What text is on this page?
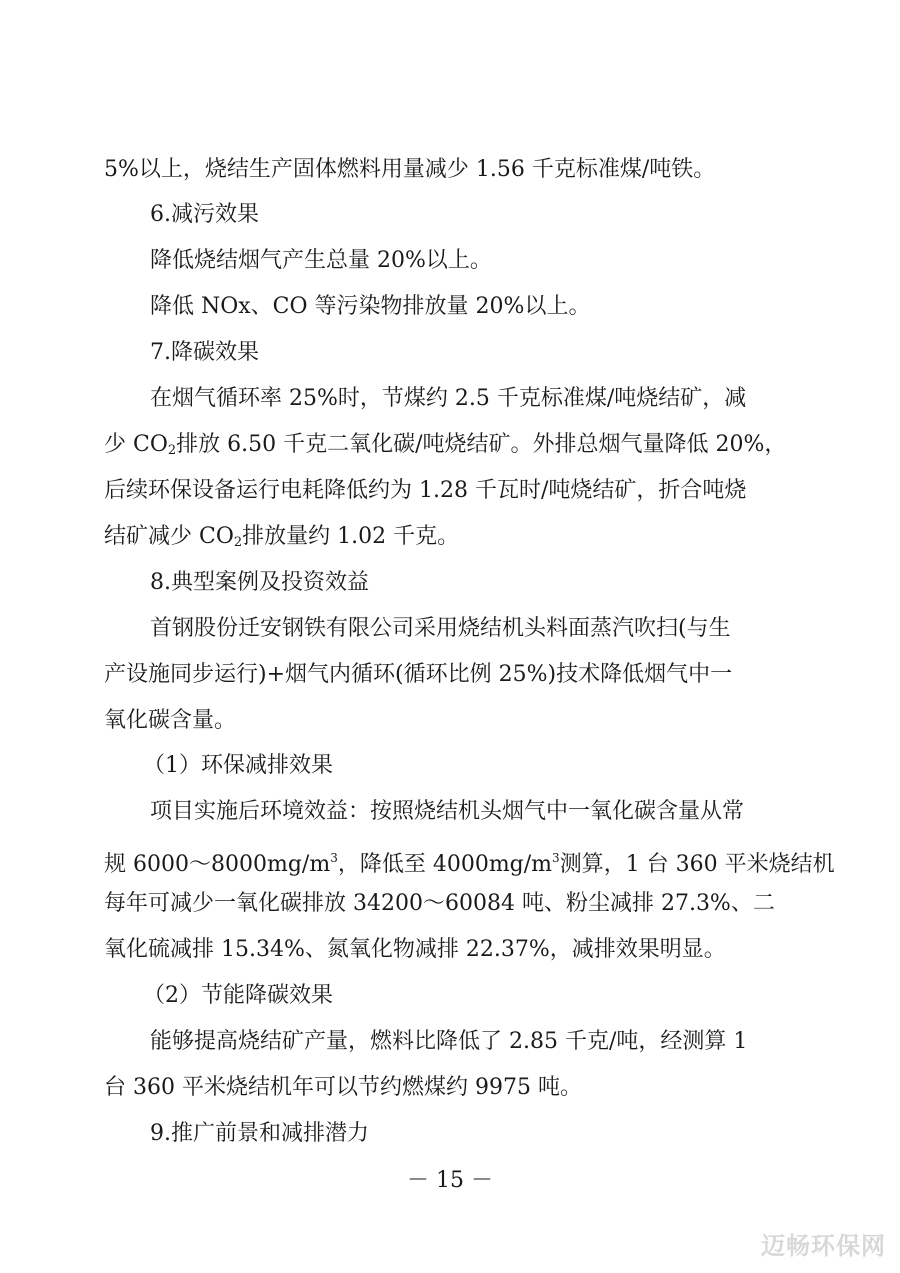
5%以上，烧结生产固体燃料用量减少 1.56 千克标准煤/吨铁。
6.减污效果
降低烧结烟气产生总量 20%以上。
降低 NOx、CO 等污染物排放量 20%以上。
7.降碳效果
在烟气循环率 25%时，节煤约 2.5 千克标准煤/吨烧结矿，减
少 $CO_2$排放 6.50 千克二氧化碳/吨烧结矿。外排总烟气量降低 20%，
后续环保设备运行电耗降低约为 1.28 千瓦时/吨烧结矿，折合吨烧
结矿减少 $CO_2$排放量约 1.02 千克。
8.典型案例及投资效益
首钢股份迁安钢铁有限公司采用烧结机头料面蒸汽吹扫(与生
产设施同步运行)+烟气内循环(循环比例 25%)技术降低烟气中一
氧化碳含量。
（1）环保减排效果
项目实施后环境效益：按照烧结机头烟气中一氧化碳含量从常
规 $6000\sim 8000mg/m^3$，降低至 $4000mg/m^3$测算，1 台 360 平米烧结机
每年可减少一氧化碳排放 34200～60084 吨、粉尘减排 27.3%、二
氧化硫减排 15.34%、氮氧化物减排 22.37%，减排效果明显。
（2）节能降碳效果
能够提高烧结矿产量，燃料比降低了 2.85 千克/吨，经测算 1
台 360 平米烧结机年可以节约燃煤约 9975 吨。
9.推广前景和减排潜力
－ 15 －
迈畅环保网
